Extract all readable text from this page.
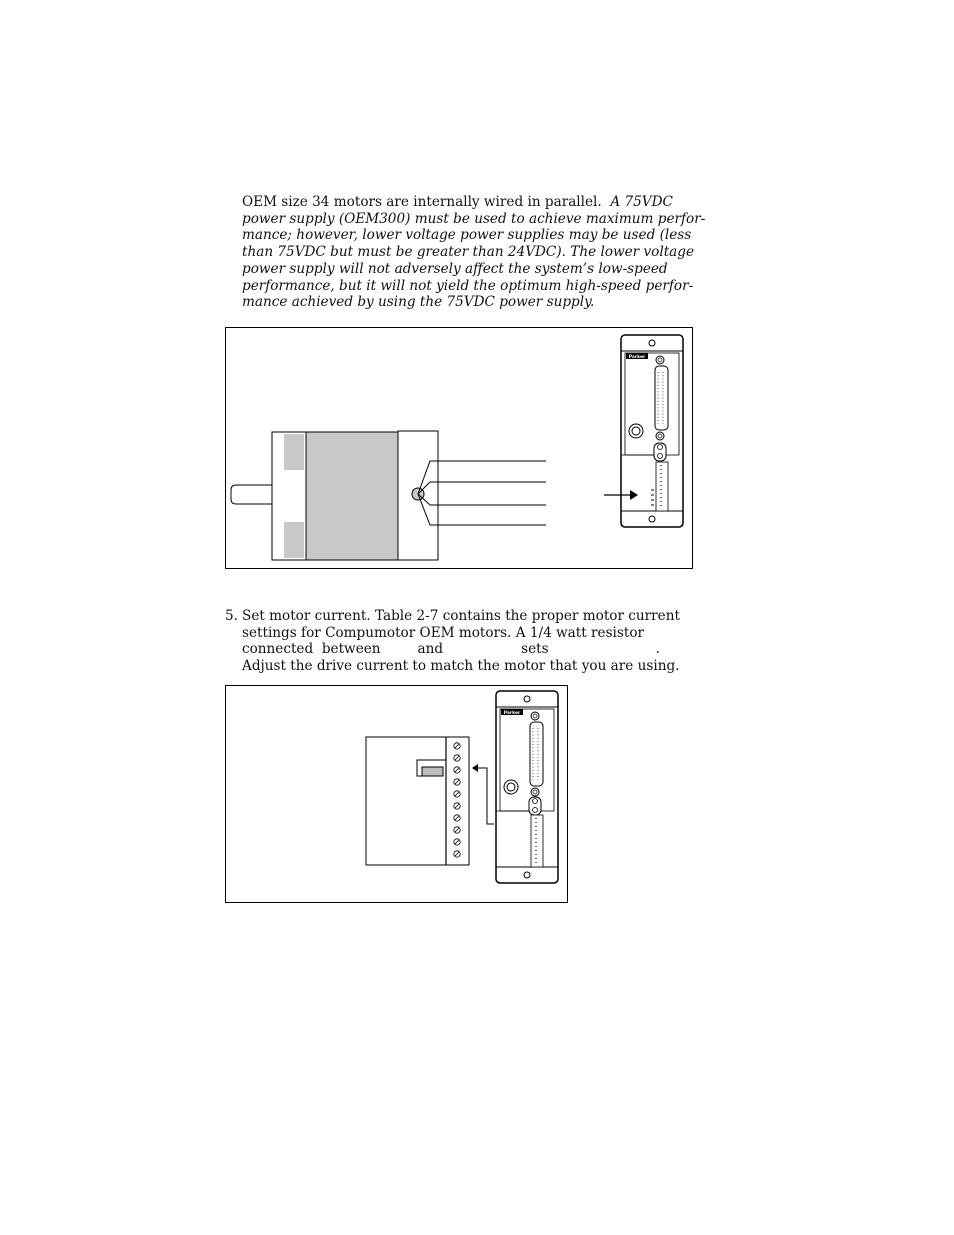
OEM size 34 motors are internally wired in parallel. A 75VDC
power supply (OEM300) must be used to achieve maximum perfor-
mance; however, lower voltage power supplies may be used (less
than 75VDC but must be greater than 24VDC). The lower voltage
power supply will not adversely affect the system’s low-speed
performance, but it will not yield the optimum high-speed perfor-
mance achieved by using the 75VDC power supply.
Parker
5. Set motor current. Table 2-7 contains the proper motor current
settings for Compumotor OEM motors. A 1/4 watt resistor
connected between	and	sets	.
Adjust the drive current to match the motor that you are using.
Parker
